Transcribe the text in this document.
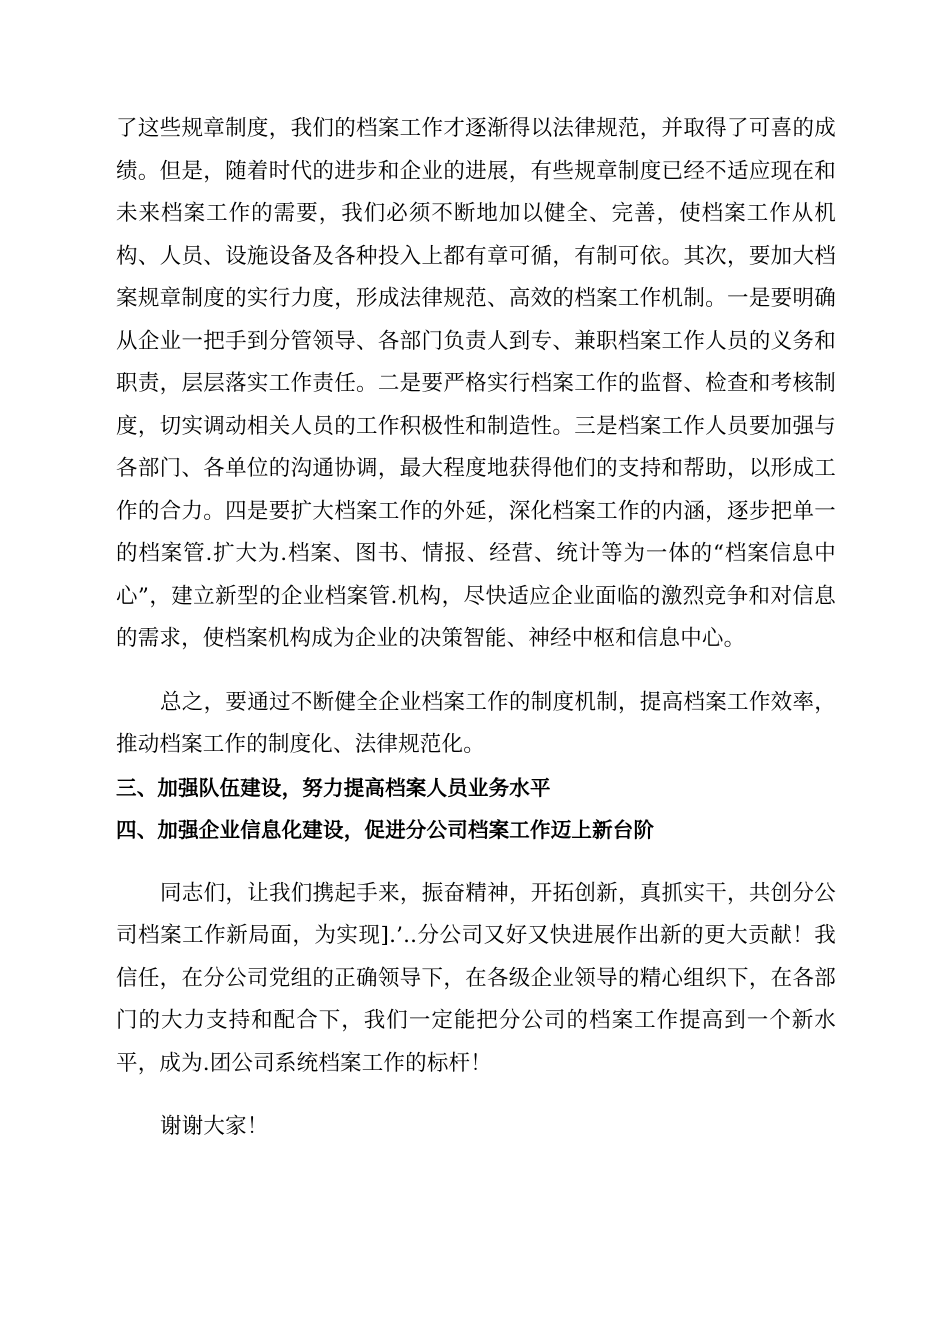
了这些规章制度，我们的档案工作才逐渐得以法律规范，并取得了可喜的成绩。但是，随着时代的进步和企业的进展，有些规章制度已经不适应现在和未来档案工作的需要，我们必须不断地加以健全、完善，使档案工作从机构、人员、设施设备及各种投入上都有章可循，有制可依。其次，要加大档案规章制度的实行力度，形成法律规范、高效的档案工作机制。一是要明确从企业一把手到分管领导、各部门负责人到专、兼职档案工作人员的义务和职责，层层落实工作责任。二是要严格实行档案工作的监督、检查和考核制度，切实调动相关人员的工作积极性和制造性。三是档案工作人员要加强与各部门、各单位的沟通协调，最大程度地获得他们的支持和帮助，以形成工作的合力。四是要扩大档案工作的外延，深化档案工作的内涵，逐步把单一的档案管.扩大为.档案、图书、情报、经营、统计等为一体的“档案信息中心”，建立新型的企业档案管.机构，尽快适应企业面临的激烈竞争和对信息的需求，使档案机构成为企业的决策智能、神经中枢和信息中心。

总之，要通过不断健全企业档案工作的制度机制，提高档案工作效率，推动档案工作的制度化、法律规范化。

三、加强队伍建设，努力提高档案人员业务水平

四、加强企业信息化建设，促进分公司档案工作迈上新台阶

同志们，让我们携起手来，振奋精神，开拓创新，真抓实干，共创分公司档案工作新局面，为实现].’..分公司又好又快进展作出新的更大贡献！我信任，在分公司党组的正确领导下，在各级企业领导的精心组织下，在各部门的大力支持和配合下，我们一定能把分公司的档案工作提高到一个新水平，成为.团公司系统档案工作的标杆！

谢谢大家！
